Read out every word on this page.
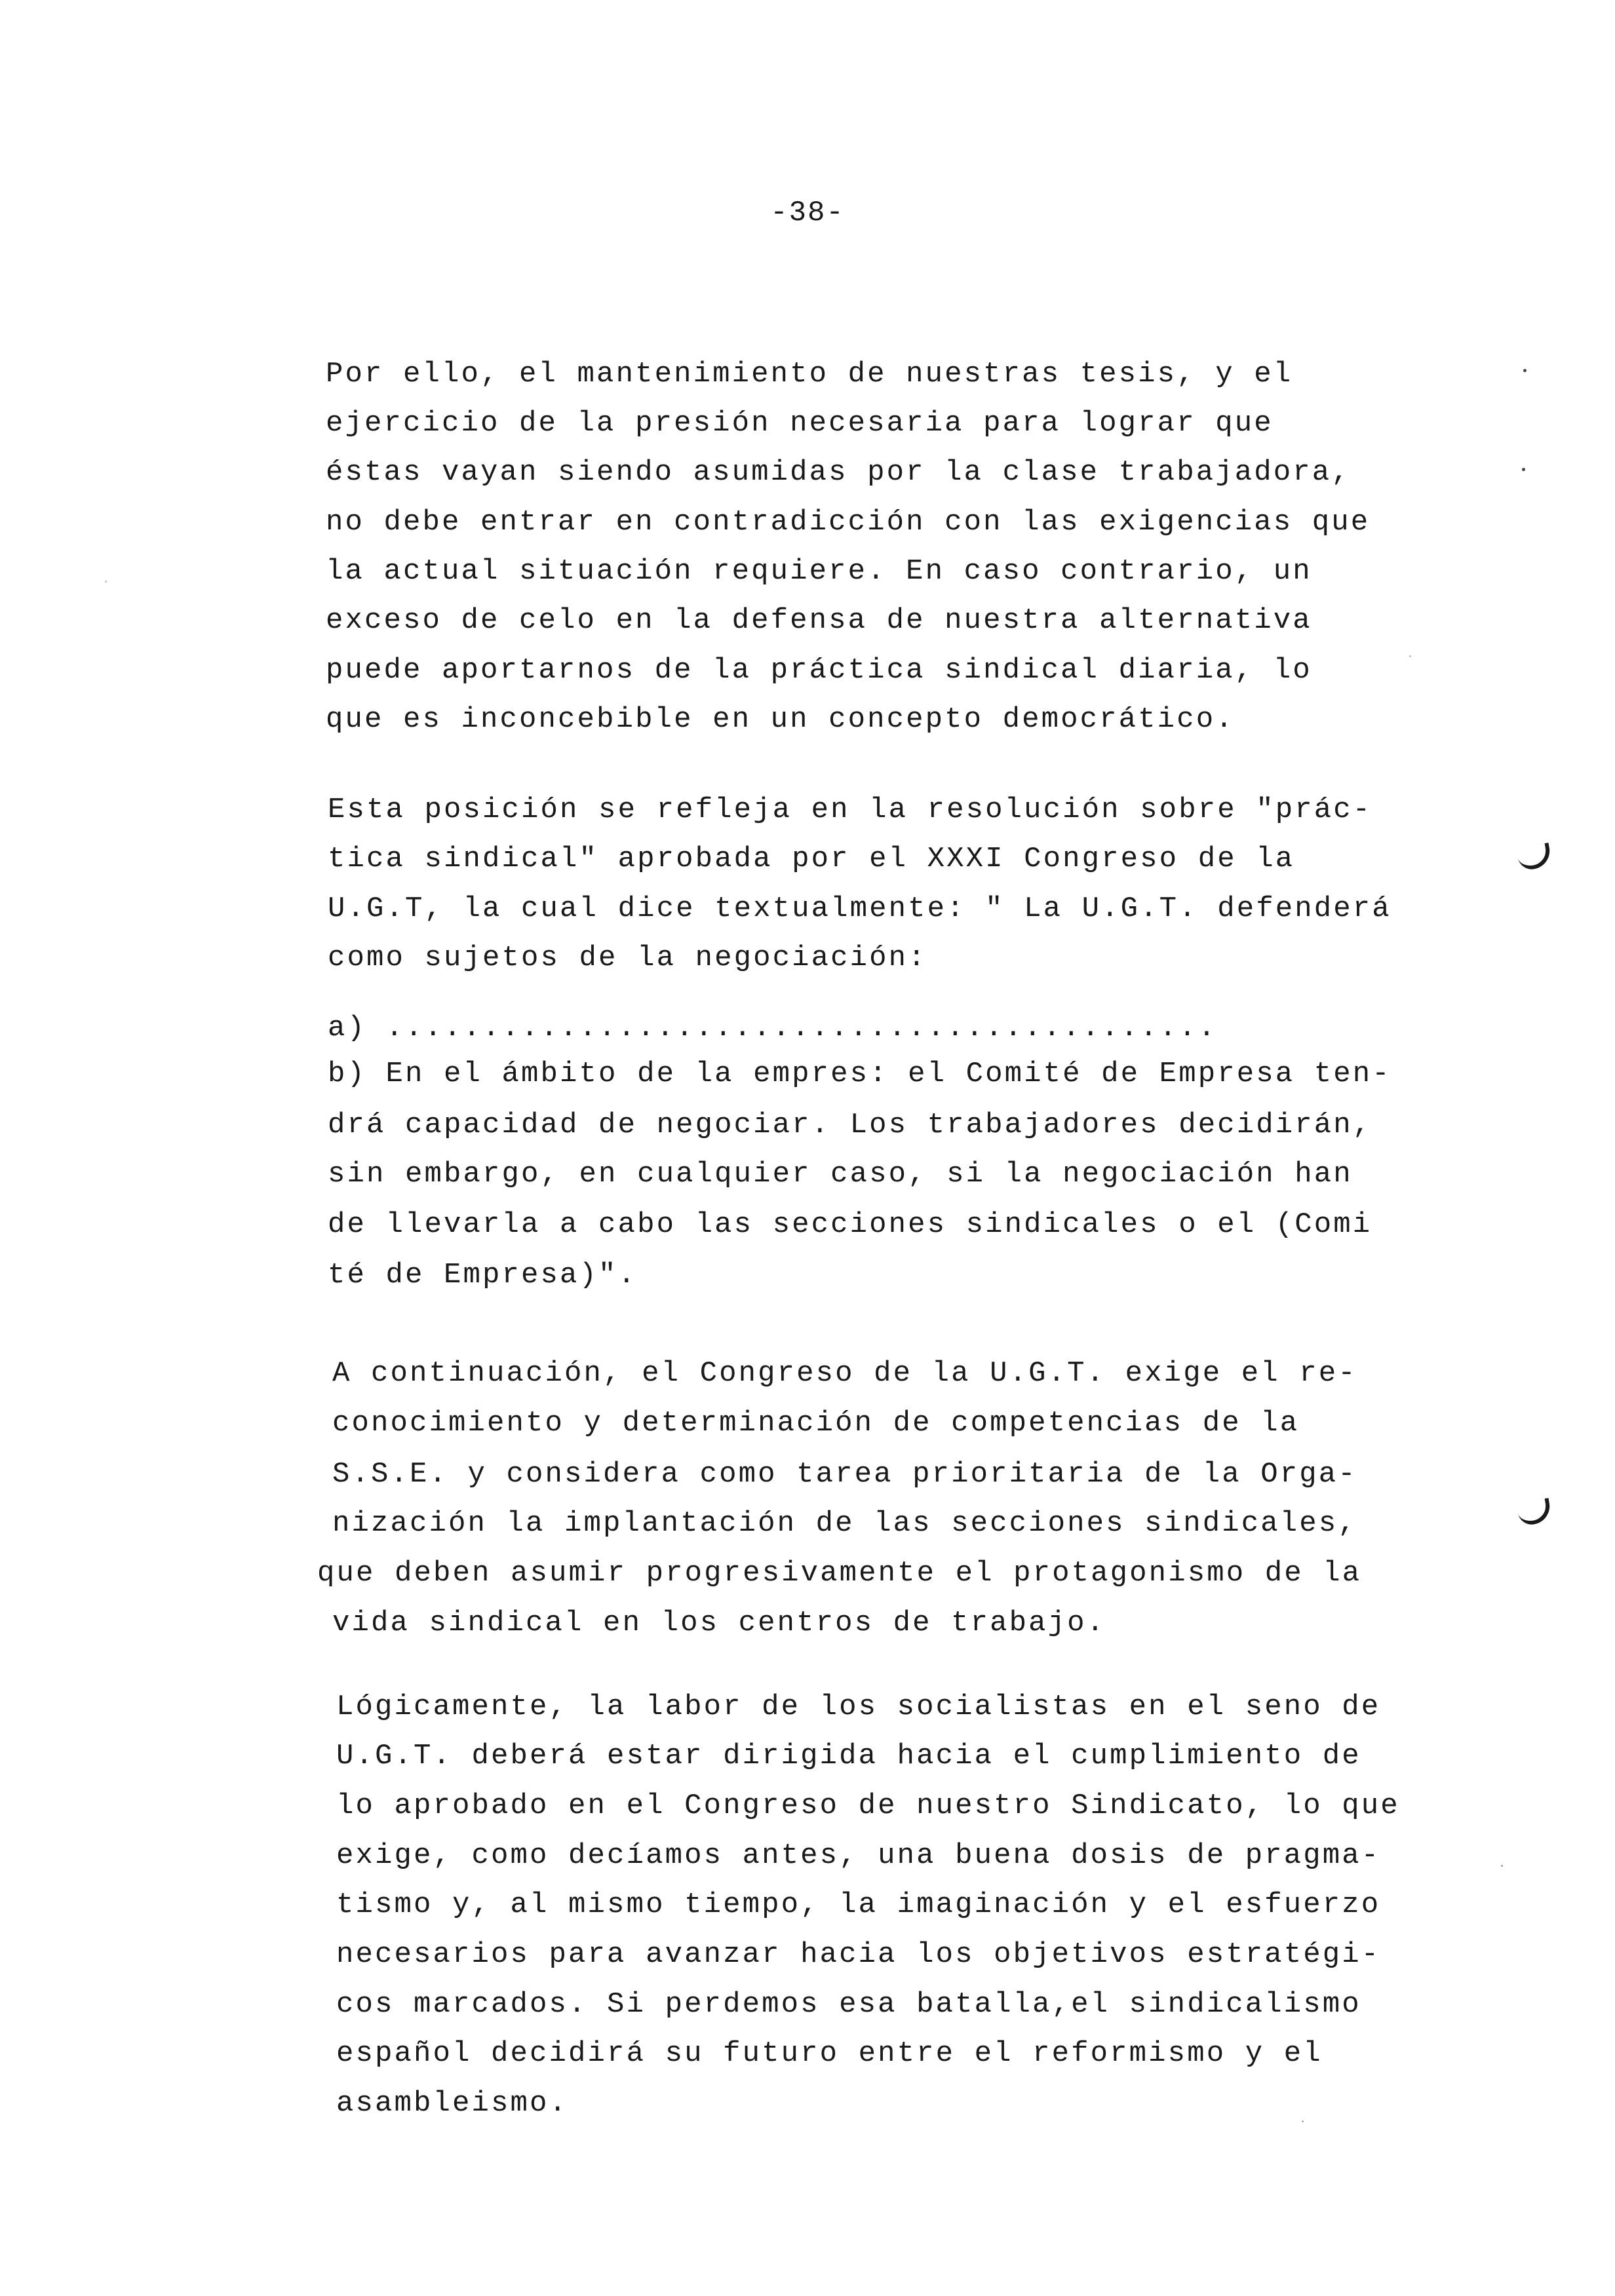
-38-
Por ello, el mantenimiento de nuestras tesis, y el
ejercicio de la presión necesaria para lograr que
éstas vayan siendo asumidas por la clase trabajadora,
no debe entrar en contradicción con las exigencias que
la actual situación requiere. En caso contrario, un
exceso de celo en la defensa de nuestra alternativa
puede aportarnos de la práctica sindical diaria, lo
que es inconcebible en un concepto democrático.
Esta posición se refleja en la resolución sobre "prác-
tica sindical" aprobada por el XXXI Congreso de la
U.G.T, la cual dice textualmente: " La U.G.T. defenderá
como sujetos de la negociación:
a) ...........................................
b) En el ámbito de la empres: el Comité de Empresa ten-
drá capacidad de negociar. Los trabajadores decidirán,
sin embargo, en cualquier caso, si la negociación han
de llevarla a cabo las secciones sindicales o el (Comi
té de Empresa)".
A continuación, el Congreso de la U.G.T. exige el re-
conocimiento y determinación de competencias de la
S.S.E. y considera como tarea prioritaria de la Orga-
nización la implantación de las secciones sindicales,
que deben asumir progresivamente el protagonismo de la
vida sindical en los centros de trabajo.
Lógicamente, la labor de los socialistas en el seno de
U.G.T. deberá estar dirigida hacia el cumplimiento de
lo aprobado en el Congreso de nuestro Sindicato, lo que
exige, como decíamos antes, una buena dosis de pragma-
tismo y, al mismo tiempo, la imaginación y el esfuerzo
necesarios para avanzar hacia los objetivos estratégi-
cos marcados. Si perdemos esa batalla,el sindicalismo
español decidirá su futuro entre el reformismo y el
asambleismo.
